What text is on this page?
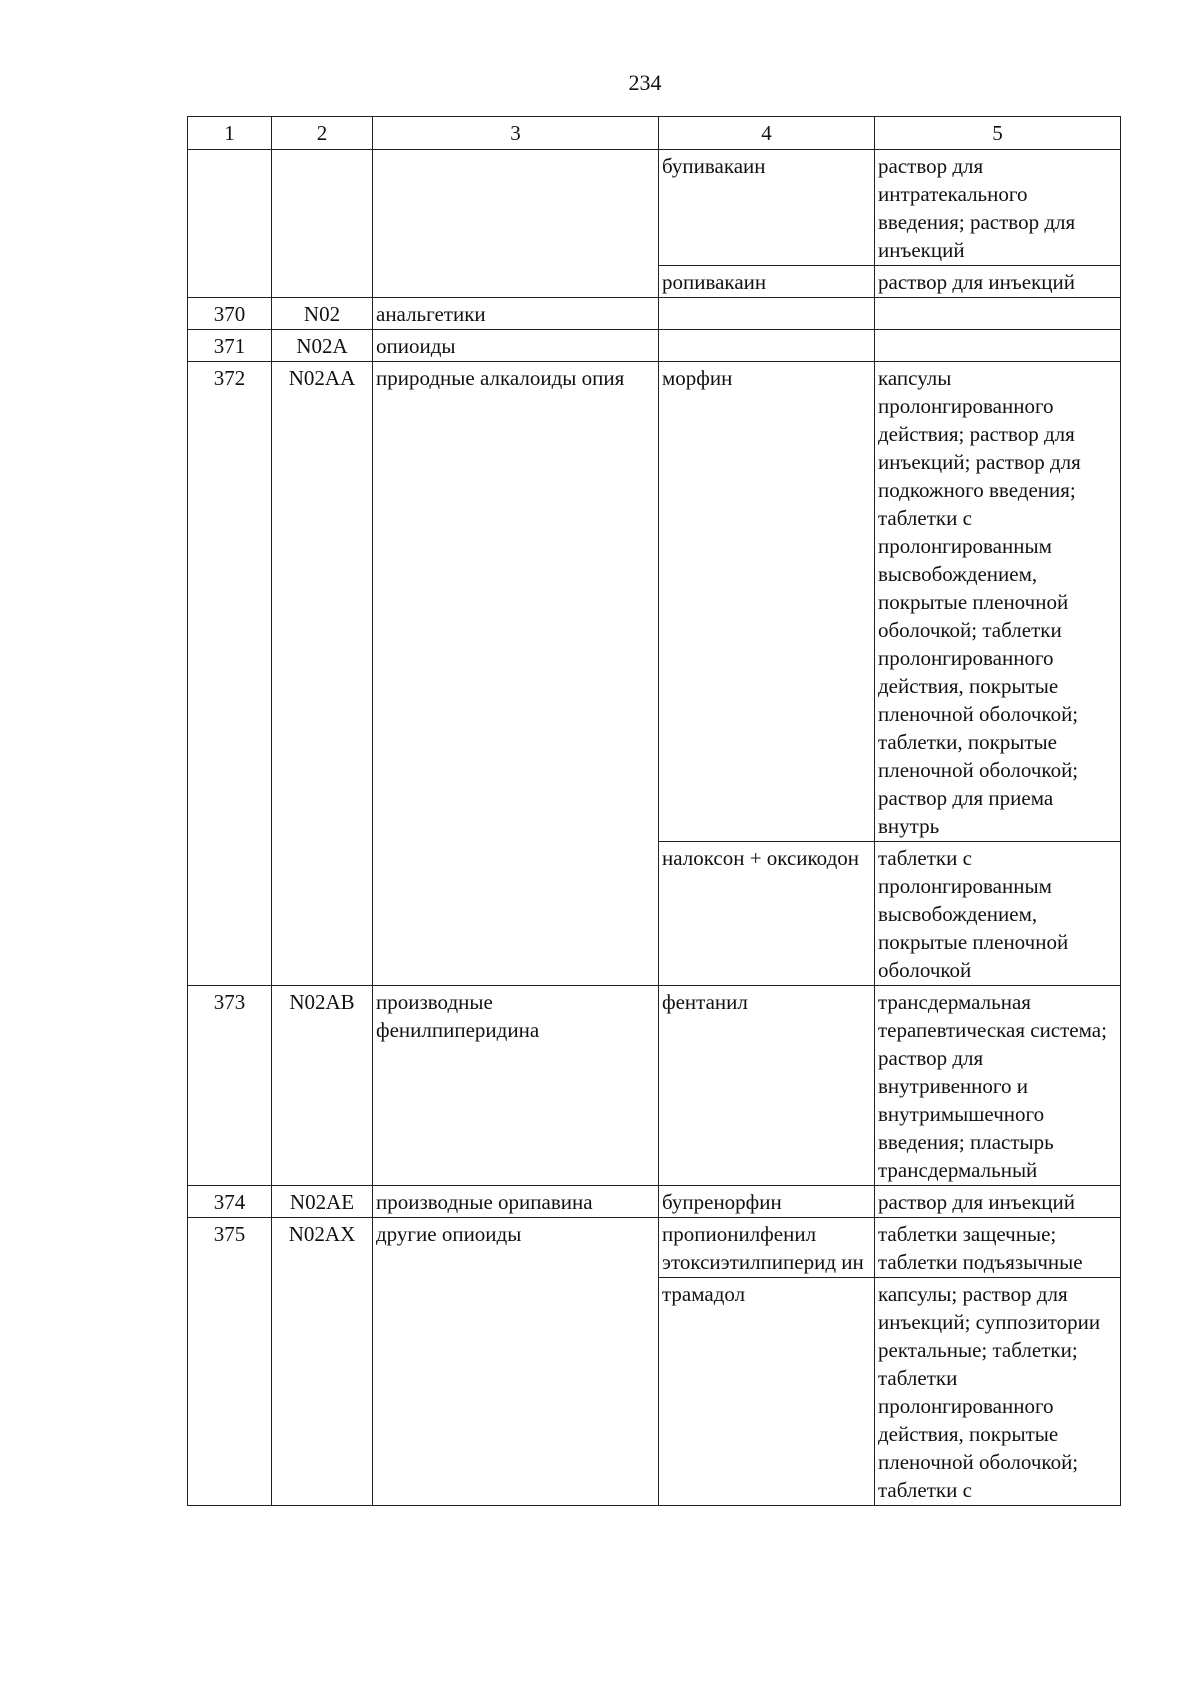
234
1	2	3	4	5
			бупивакаин	раствор для интратекального введения; раствор для инъекций
			ропивакаин	раствор для инъекций
370	N02	анальгетики		
371	N02A	опиоиды		
372	N02AA	природные алкалоиды опия	морфин	капсулы пролонгированного действия; раствор для инъекций; раствор для подкожного введения; таблетки с пролонгированным высвобождением, покрытые пленочной оболочкой; таблетки пролонгированного действия, покрытые пленочной оболочкой; таблетки, покрытые пленочной оболочкой; раствор для приема внутрь
			налоксон + оксикодон	таблетки с пролонгированным высвобождением, покрытые пленочной оболочкой
373	N02AB	производные фенилпиперидина	фентанил	трансдермальная терапевтическая система; раствор для внутривенного и внутримышечного введения; пластырь трансдермальный
374	N02AE	производные орипавина	бупренорфин	раствор для инъекций
375	N02AX	другие опиоиды	пропионилфенил этоксиэтилпиперид ин	таблетки защечные; таблетки подъязычные
			трамадол	капсулы; раствор для инъекций; суппозитории ректальные; таблетки; таблетки пролонгированного действия, покрытые пленочной оболочкой; таблетки с
